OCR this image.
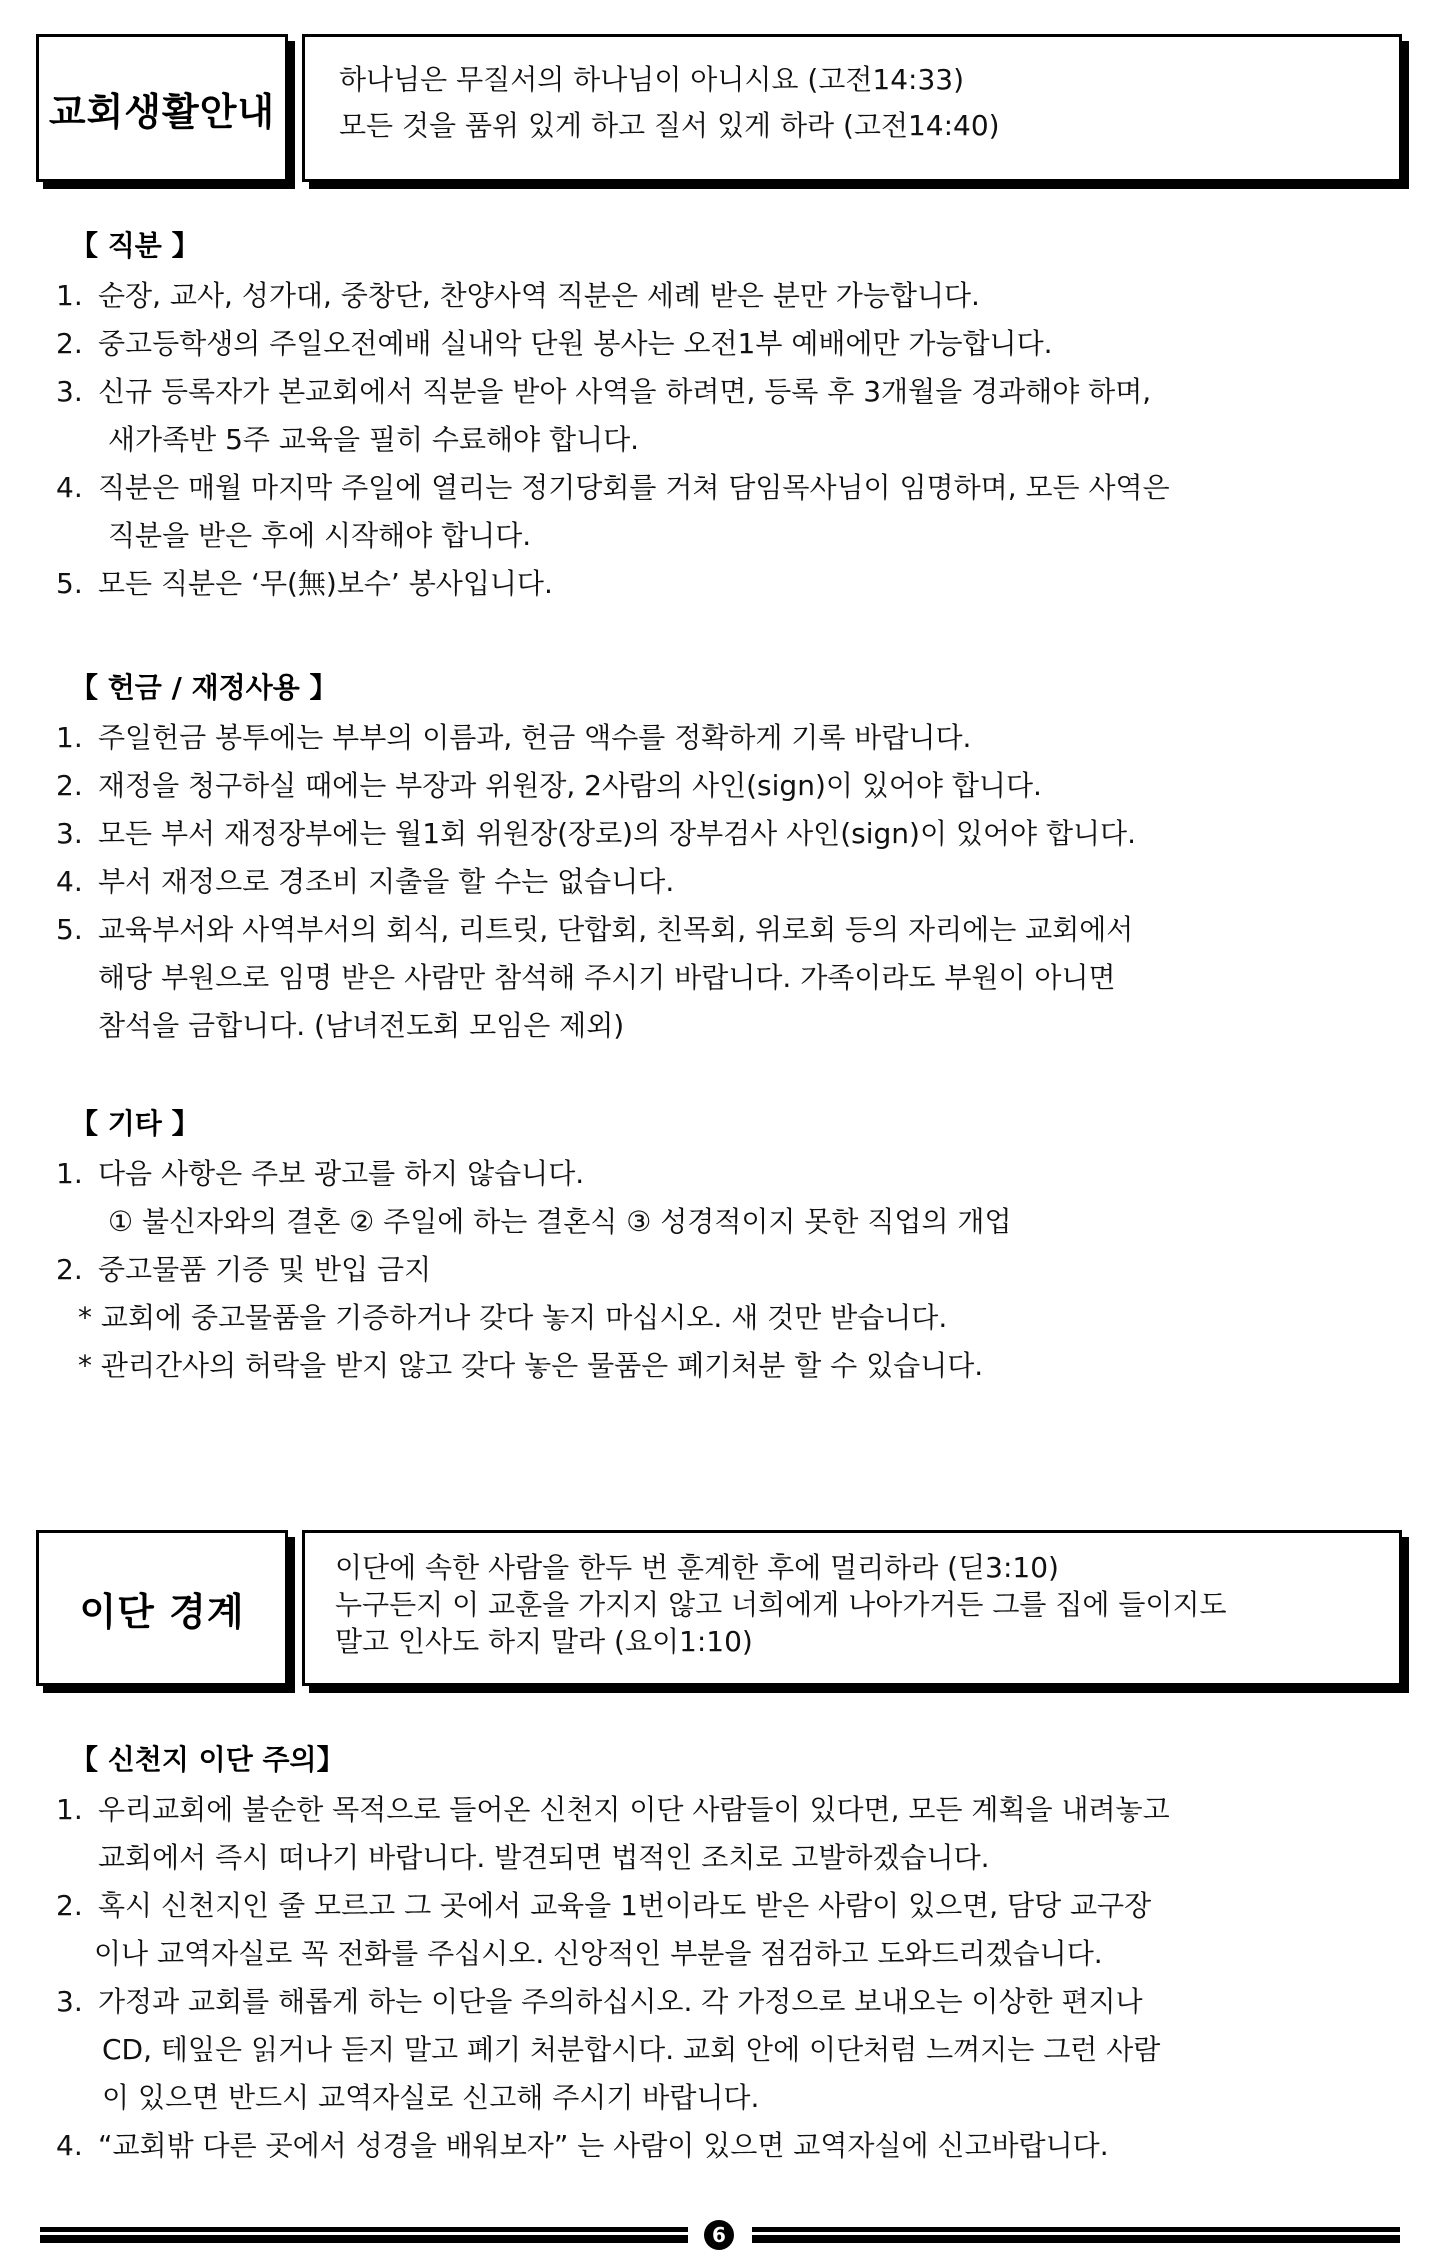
교회생활안내
하나님은 무질서의 하나님이 아니시요 (고전14:33)
모든 것을 품위 있게 하고 질서 있게 하라 (고전14:40)
【 직분 】
1. 순장, 교사, 성가대, 중창단, 찬양사역 직분은 세례 받은 분만 가능합니다.
2. 중고등학생의 주일오전예배 실내악 단원 봉사는 오전1부 예배에만 가능합니다.
3. 신규 등록자가 본교회에서 직분을 받아 사역을 하려면, 등록 후 3개월을 경과해야 하며,
새가족반 5주 교육을 필히 수료해야 합니다.
4. 직분은 매월 마지막 주일에 열리는 정기당회를 거쳐 담임목사님이 임명하며, 모든 사역은
직분을 받은 후에 시작해야 합니다.
5. 모든 직분은 ‘무(無)보수’ 봉사입니다.
【 헌금 / 재정사용 】
1. 주일헌금 봉투에는 부부의 이름과, 헌금 액수를 정확하게 기록 바랍니다.
2. 재정을 청구하실 때에는 부장과 위원장, 2사람의 사인(sign)이 있어야 합니다.
3. 모든 부서 재정장부에는 월1회 위원장(장로)의 장부검사 사인(sign)이 있어야 합니다.
4. 부서 재정으로 경조비 지출을 할 수는 없습니다.
5. 교육부서와 사역부서의 회식, 리트릿, 단합회, 친목회, 위로회 등의 자리에는 교회에서
해당 부원으로 임명 받은 사람만 참석해 주시기 바랍니다. 가족이라도 부원이 아니면
참석을 금합니다. (남녀전도회 모임은 제외)
【 기타 】
1. 다음 사항은 주보 광고를 하지 않습니다.
① 불신자와의 결혼 ② 주일에 하는 결혼식 ③ 성경적이지 못한 직업의 개업
2. 중고물품 기증 및 반입 금지
* 교회에 중고물품을 기증하거나 갖다 놓지 마십시오. 새 것만 받습니다.
* 관리간사의 허락을 받지 않고 갖다 놓은 물품은 폐기처분 할 수 있습니다.
이단 경계
이단에 속한 사람을 한두 번 훈계한 후에 멀리하라 (딛3:10)
누구든지 이 교훈을 가지지 않고 너희에게 나아가거든 그를 집에 들이지도
말고 인사도 하지 말라 (요이1:10)
【 신천지 이단 주의】
1. 우리교회에 불순한 목적으로 들어온 신천지 이단 사람들이 있다면, 모든 계획을 내려놓고
교회에서 즉시 떠나기 바랍니다. 발견되면 법적인 조치로 고발하겠습니다.
2. 혹시 신천지인 줄 모르고 그 곳에서 교육을 1번이라도 받은 사람이 있으면, 담당 교구장
이나 교역자실로 꼭 전화를 주십시오. 신앙적인 부분을 점검하고 도와드리겠습니다.
3. 가정과 교회를 해롭게 하는 이단을 주의하십시오. 각 가정으로 보내오는 이상한 편지나
CD, 테잎은 읽거나 듣지 말고 폐기 처분합시다. 교회 안에 이단처럼 느껴지는 그런 사람
이 있으면 반드시 교역자실로 신고해 주시기 바랍니다.
4. “교회밖 다른 곳에서 성경을 배워보자” 는 사람이 있으면 교역자실에 신고바랍니다.
6
